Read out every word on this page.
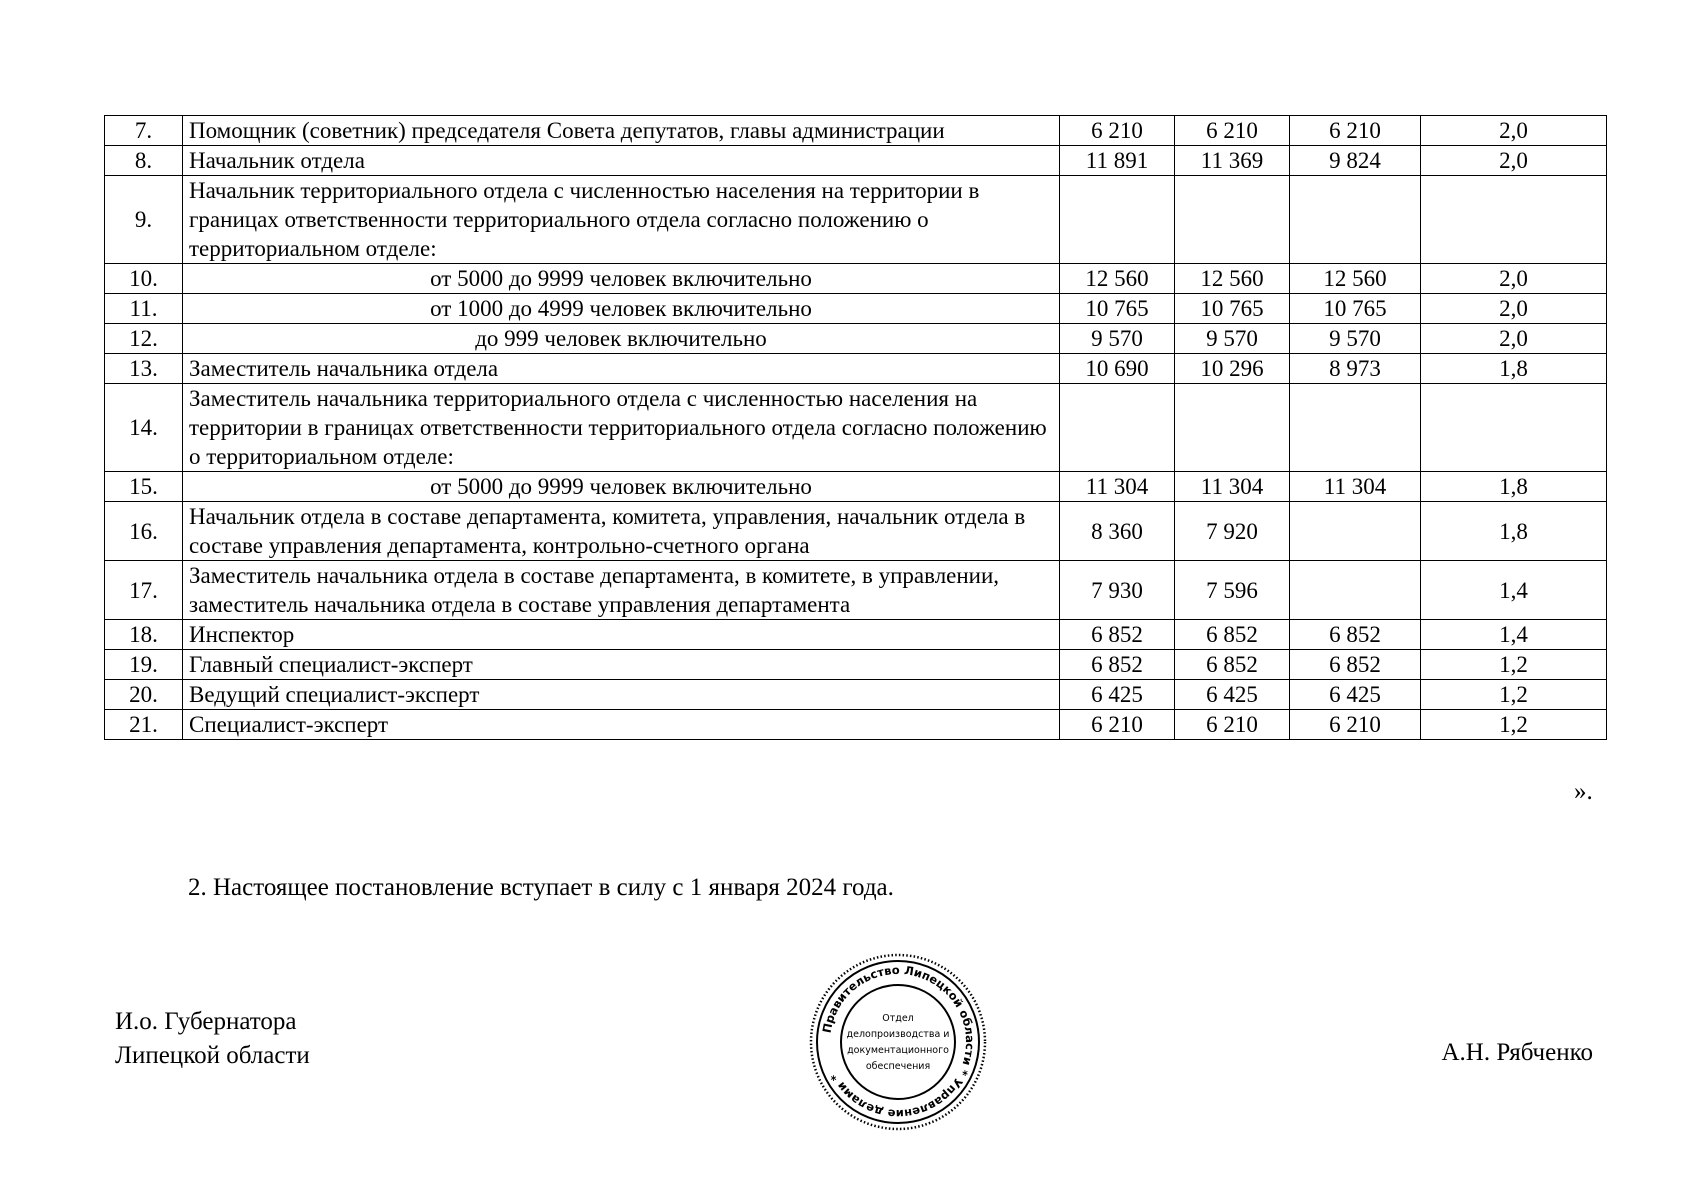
7.	Помощник (советник) председателя Совета депутатов, главы администрации	6 210	6 210	6 210	2,0
8.	Начальник отдела	11 891	11 369	9 824	2,0
9.	Начальник территориального отдела с численностью населения на территории в границах ответственности территориального отдела согласно положению о территориальном отделе:				
10.	от 5000 до 9999 человек включительно	12 560	12 560	12 560	2,0
11.	от 1000 до 4999 человек включительно	10 765	10 765	10 765	2,0
12.	до 999 человек включительно	9 570	9 570	9 570	2,0
13.	Заместитель начальника отдела	10 690	10 296	8 973	1,8
14.	Заместитель начальника территориального отдела с численностью населения на территории в границах ответственности территориального отдела согласно положению о территориальном отделе:				
15.	от 5000 до 9999 человек включительно	11 304	11 304	11 304	1,8
16.	Начальник отдела в составе департамента, комитета, управления, начальник отдела в составе управления департамента, контрольно-счетного органа	8 360	7 920		1,8
17.	Заместитель начальника отдела в составе департамента, в комитете, в управлении, заместитель начальника отдела в составе управления департамента	7 930	7 596		1,4
18.	Инспектор	6 852	6 852	6 852	1,4
19.	Главный специалист-эксперт	6 852	6 852	6 852	1,2
20.	Ведущий специалист-эксперт	6 425	6 425	6 425	1,2
21.	Специалист-эксперт	6 210	6 210	6 210	1,2
».
2. Настоящее постановление вступает в силу с 1 января 2024 года.
И.о. Губернатора
Липецкой области	А.Н. Рябченко
Правительство Липецкой области * Управление делами *
Отдел
делопроизводства и
документационного
обеспечения
